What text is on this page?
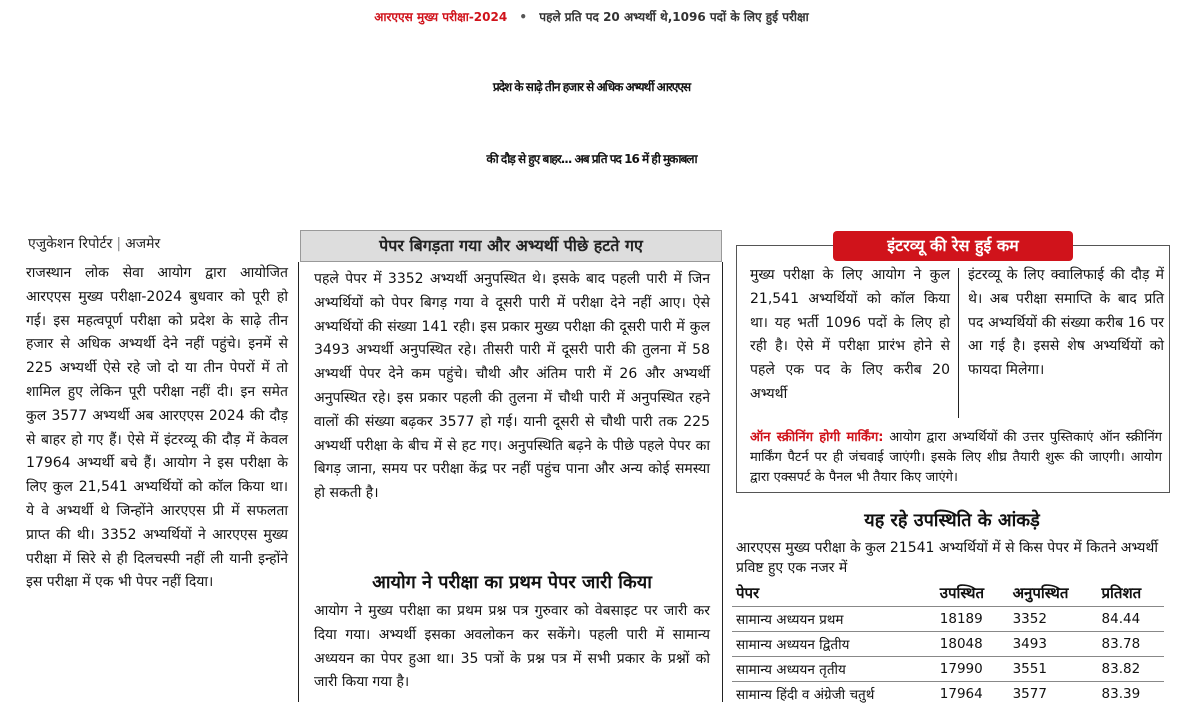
आरएएस मुख्य परीक्षा-2024 • पहले प्रति पद 20 अभ्यर्थी थे,1096 पदों के लिए हुई परीक्षा
प्रदेश के साढ़े तीन हजार से अधिक अभ्यर्थी आरएएस
की दौड़ से हुए बाहर... अब प्रति पद 16 में ही मुकाबला
एजुकेशन रिपोर्टर | अजमेर
राजस्थान लोक सेवा आयोग द्वारा आयोजित आरएएस मुख्य परीक्षा-2024 बुधवार को पूरी हो गई। इस महत्वपूर्ण परीक्षा को प्रदेश के साढ़े तीन हजार से अधिक अभ्यर्थी देने नहीं पहुंचे। इनमें से 225 अभ्यर्थी ऐसे रहे जो दो या तीन पेपरों में तो शामिल हुए लेकिन पूरी परीक्षा नहीं दी। इन समेत कुल 3577 अभ्यर्थी अब आरएएस 2024 की दौड़ से बाहर हो गए हैं। ऐसे में इंटरव्यू की दौड़ में केवल 17964 अभ्यर्थी बचे हैं। आयोग ने इस परीक्षा के लिए कुल 21,541 अभ्यर्थियों को कॉल किया था। ये वे अभ्यर्थी थे जिन्होंने आरएएस प्री में सफलता प्राप्त की थी। 3352 अभ्यर्थियों ने आरएएस मुख्य परीक्षा में सिरे से ही दिलचस्पी नहीं ली यानी इन्होंने इस परीक्षा में एक भी पेपर नहीं दिया।
पेपर बिगड़ता गया और अभ्यर्थी पीछे हटते गए
पहले पेपर में 3352 अभ्यर्थी अनुपस्थित थे। इसके बाद पहली पारी में जिन अभ्यर्थियों को पेपर बिगड़ गया वे दूसरी पारी में परीक्षा देने नहीं आए। ऐसे अभ्यर्थियों की संख्या 141 रही। इस प्रकार मुख्य परीक्षा की दूसरी पारी में कुल 3493 अभ्यर्थी अनुपस्थित रहे। तीसरी पारी में दूसरी पारी की तुलना में 58 अभ्यर्थी पेपर देने कम पहुंचे। चौथी और अंतिम पारी में 26 और अभ्यर्थी अनुपस्थित रहे। इस प्रकार पहली की तुलना में चौथी पारी में अनुपस्थित रहने वालों की संख्या बढ़कर 3577 हो गई। यानी दूसरी से चौथी पारी तक 225 अभ्यर्थी परीक्षा के बीच में से हट गए। अनुपस्थिति बढ़ने के पीछे पहले पेपर का बिगड़ जाना, समय पर परीक्षा केंद्र पर नहीं पहुंच पाना और अन्य कोई समस्या हो सकती है।
आयोग ने परीक्षा का प्रथम पेपर जारी किया
आयोग ने मुख्य परीक्षा का प्रथम प्रश्न पत्र गुरुवार को वेबसाइट पर जारी कर दिया गया। अभ्यर्थी इसका अवलोकन कर सकेंगे। पहली पारी में सामान्य अध्ययन का पेपर हुआ था। 35 पत्रों के प्रश्न पत्र में सभी प्रकार के प्रश्नों को जारी किया गया है।
इंटरव्यू की रेस हुई कम
मुख्य परीक्षा के लिए आयोग ने कुल 21,541 अभ्यर्थियों को कॉल किया था। यह भर्ती 1096 पदों के लिए हो रही है। ऐसे में परीक्षा प्रारंभ होने से पहले एक पद के लिए करीब 20 अभ्यर्थी
इंटरव्यू के लिए क्वालिफाई की दौड़ में थे। अब परीक्षा समाप्ति के बाद प्रति पद अभ्यर्थियों की संख्या करीब 16 पर आ गई है। इससे शेष अभ्यर्थियों को फायदा मिलेगा।
ऑन स्क्रीनिंग होगी मार्किंग: आयोग द्वारा अभ्यर्थियों की उत्तर पुस्तिकाएं ऑन स्क्रीनिंग मार्किंग पैटर्न पर ही जंचवाई जाएंगी। इसके लिए शीघ्र तैयारी शुरू की जाएगी। आयोग द्वारा एक्सपर्ट के पैनल भी तैयार किए जाएंगे।
यह रहे उपस्थिति के आंकड़े
आरएएस मुख्य परीक्षा के कुल 21541 अभ्यर्थियों में से किस पेपर में कितने अभ्यर्थी प्रविष्ट हुए एक नजर में
पेपर	उपस्थित	अनुपस्थित	प्रतिशत
सामान्य अध्ययन प्रथम	18189	3352	84.44
सामान्य अध्ययन द्वितीय	18048	3493	83.78
सामान्य अध्ययन तृतीय	17990	3551	83.82
सामान्य हिंदी व अंग्रेजी चतुर्थ	17964	3577	83.39
